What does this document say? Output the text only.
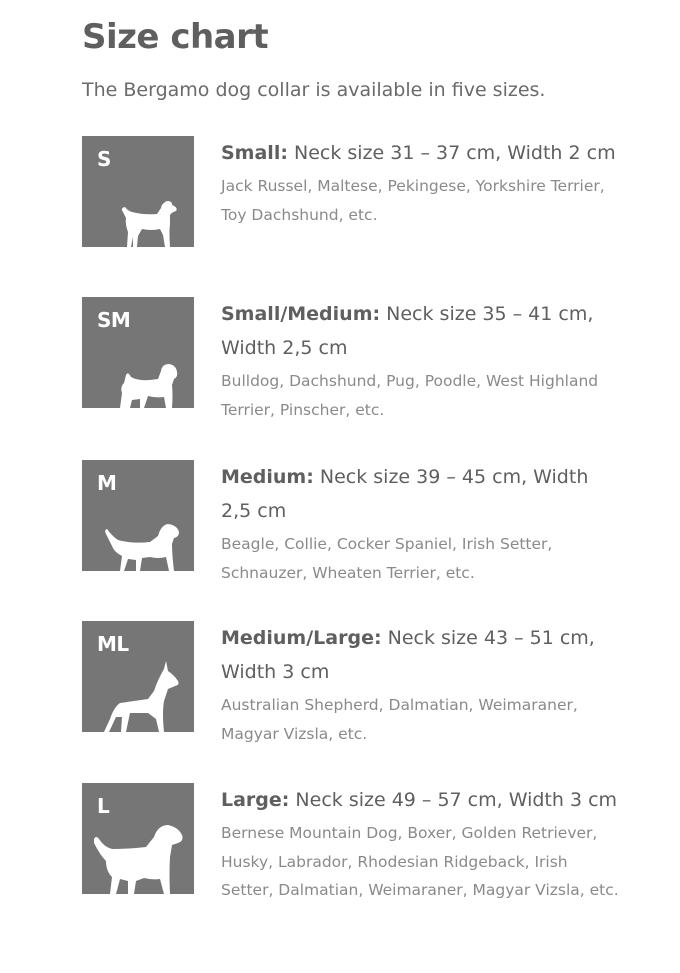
Size chart

The Bergamo dog collar is available in five sizes.

S	Small: Neck size 31 – 37 cm, Width 2 cm

Jack Russel, Maltese, Pekingese, Yorkshire Terrier, Toy Dachshund, etc.

SM	Small/Medium: Neck size 35 – 41 cm, Width 2,5 cm

Bulldog, Dachshund, Pug, Poodle, West Highland Terrier, Pinscher, etc.

M	Medium: Neck size 39 – 45 cm, Width 2,5 cm

Beagle, Collie, Cocker Spaniel, Irish Setter, Schnauzer, Wheaten Terrier, etc.

ML	Medium/Large: Neck size 43 – 51 cm, Width 3 cm

Australian Shepherd, Dalmatian, Weimaraner, Magyar Vizsla, etc.

L	Large: Neck size 49 – 57 cm, Width 3 cm

Bernese Mountain Dog, Boxer, Golden Retriever, Husky, Labrador, Rhodesian Ridgeback, Irish Setter, Dalmatian, Weimaraner, Magyar Vizsla, etc.
